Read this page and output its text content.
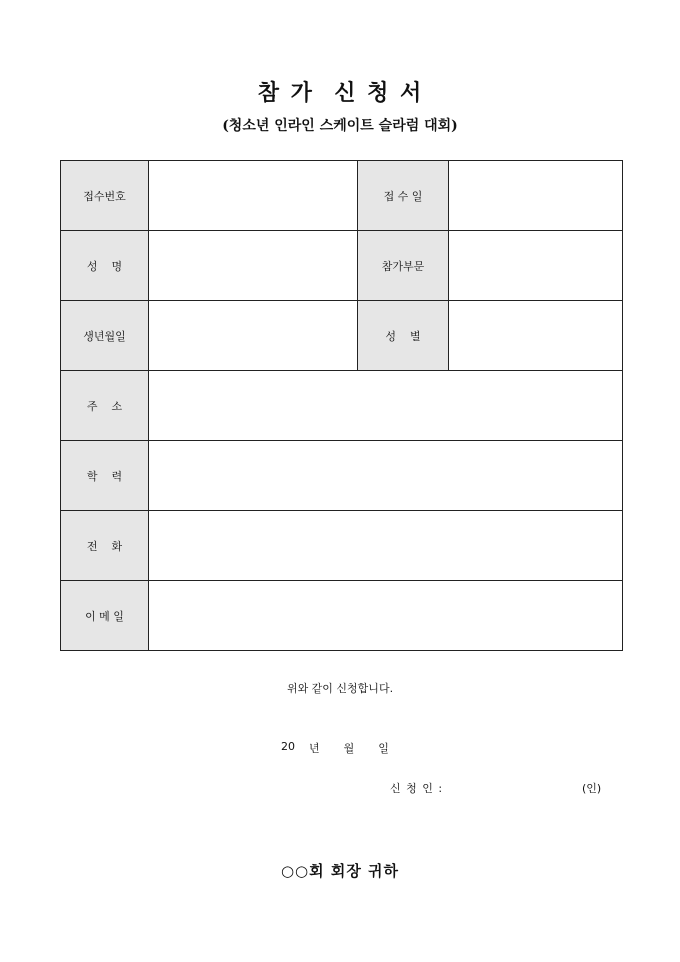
참 가  신 청 서
(청소년 인라인 스케이트 슬라럼 대회)
접수번호		접 수 일	
성    명		참가부문	
생년월일		성    별	
주    소			
학    력			
전    화			
이 메 일			
위와 같이 신청합니다.
20 년 월 일
신 청 인 :	(인)
○○회 회장 귀하
